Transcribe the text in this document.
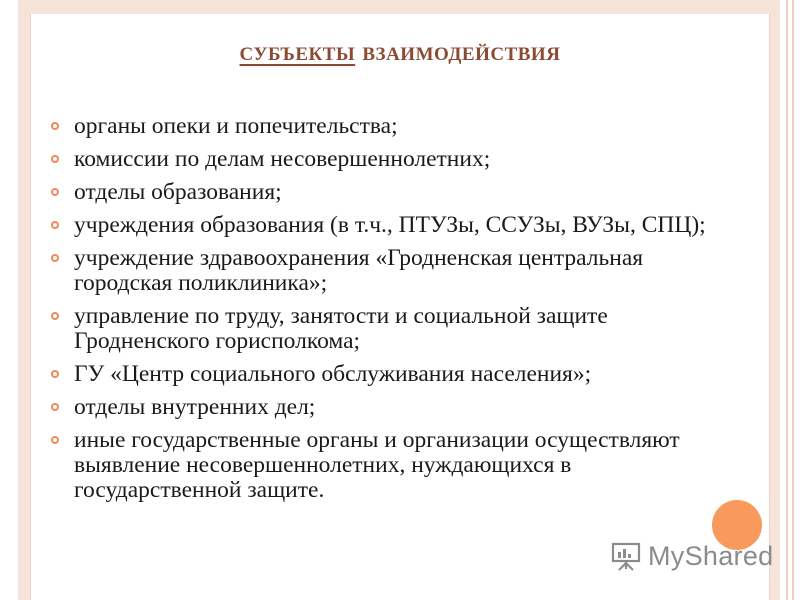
субъекты взаимодействия
органы опеки и попечительства;
комиссии по делам несовершеннолетних;
отделы образования;
учреждения образования (в т.ч., ПТУЗы, ССУЗы, ВУЗы, СПЦ);
учреждение здравоохранения «Гродненская центральная городская поликлиника»;
управление по труду, занятости и социальной защите Гродненского горисполкома;
ГУ «Центр социального обслуживания населения»;
отделы внутренних дел;
иные государственные органы и организации осуществляют выявление несовершеннолетних, нуждающихся в государственной защите.
MyShared
